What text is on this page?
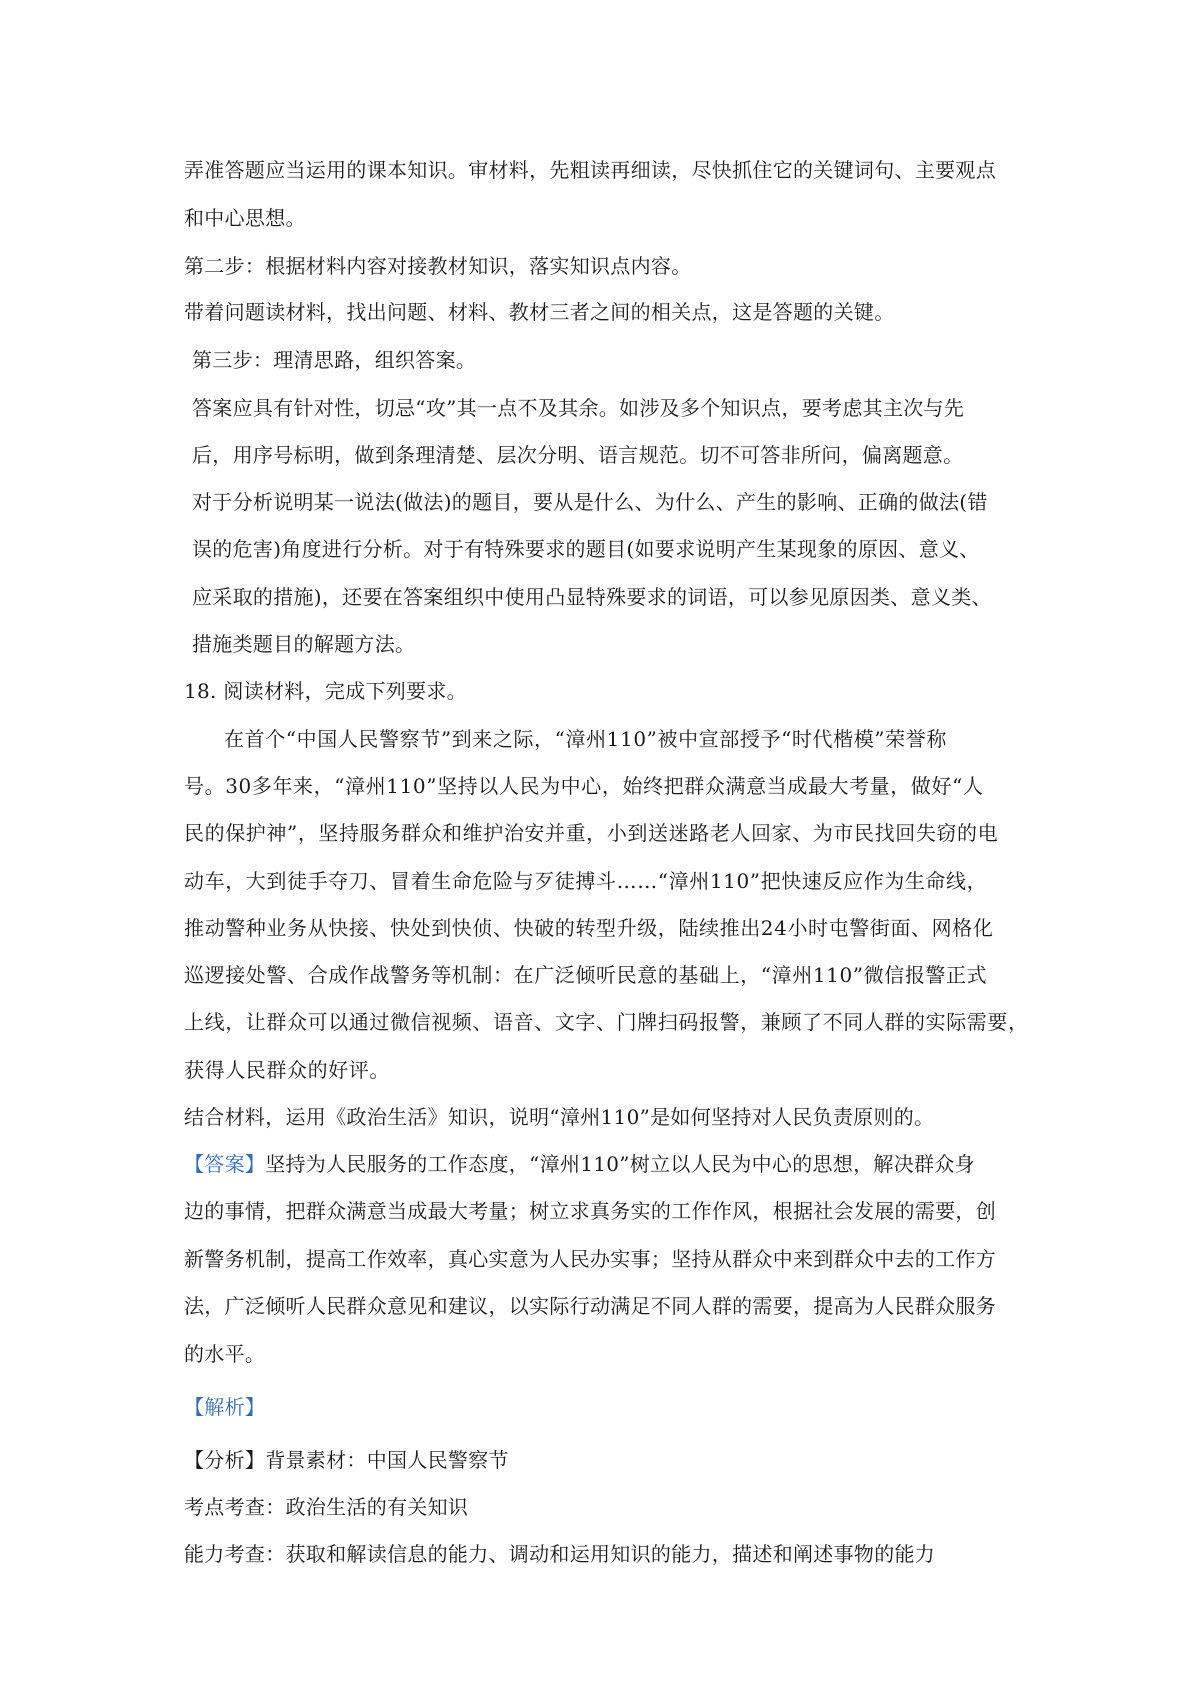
弄准答题应当运用的课本知识。审材料，先粗读再细读，尽快抓住它的关键词句、主要观点
和中心思想。
第二步：根据材料内容对接教材知识，落实知识点内容。
带着问题读材料，找出问题、材料、教材三者之间的相关点，这是答题的关键。
第三步：理清思路，组织答案。
答案应具有针对性，切忌“攻”其一点不及其余。如涉及多个知识点，要考虑其主次与先
后，用序号标明，做到条理清楚、层次分明、语言规范。切不可答非所问，偏离题意。
对于分析说明某一说法(做法)的题目，要从是什么、为什么、产生的影响、正确的做法(错
误的危害)角度进行分析。对于有特殊要求的题目(如要求说明产生某现象的原因、意义、
应采取的措施)，还要在答案组织中使用凸显特殊要求的词语，可以参见原因类、意义类、
措施类题目的解题方法。
18. 阅读材料，完成下列要求。
在首个“中国人民警察节”到来之际，“漳州110”被中宣部授予“时代楷模”荣誉称
号。30多年来，“漳州110”坚持以人民为中心，始终把群众满意当成最大考量，做好“人
民的保护神”，坚持服务群众和维护治安并重，小到送迷路老人回家、为市民找回失窃的电
动车，大到徒手夺刀、冒着生命危险与歹徒搏斗……“漳州110”把快速反应作为生命线，
推动警种业务从快接、快处到快侦、快破的转型升级，陆续推出24小时屯警街面、网格化
巡逻接处警、合成作战警务等机制：在广泛倾听民意的基础上，“漳州110”微信报警正式
上线，让群众可以通过微信视频、语音、文字、门牌扫码报警，兼顾了不同人群的实际需要，
获得人民群众的好评。
结合材料，运用《政治生活》知识，说明“漳州110”是如何坚持对人民负责原则的。
【答案】坚持为人民服务的工作态度，“漳州110”树立以人民为中心的思想，解决群众身
边的事情，把群众满意当成最大考量；树立求真务实的工作作风，根据社会发展的需要，创
新警务机制，提高工作效率，真心实意为人民办实事；坚持从群众中来到群众中去的工作方
法，广泛倾听人民群众意见和建议，以实际行动满足不同人群的需要，提高为人民群众服务
的水平。
【解析】
【分析】背景素材：中国人民警察节
考点考查：政治生活的有关知识
能力考查：获取和解读信息的能力、调动和运用知识的能力，描述和阐述事物的能力
